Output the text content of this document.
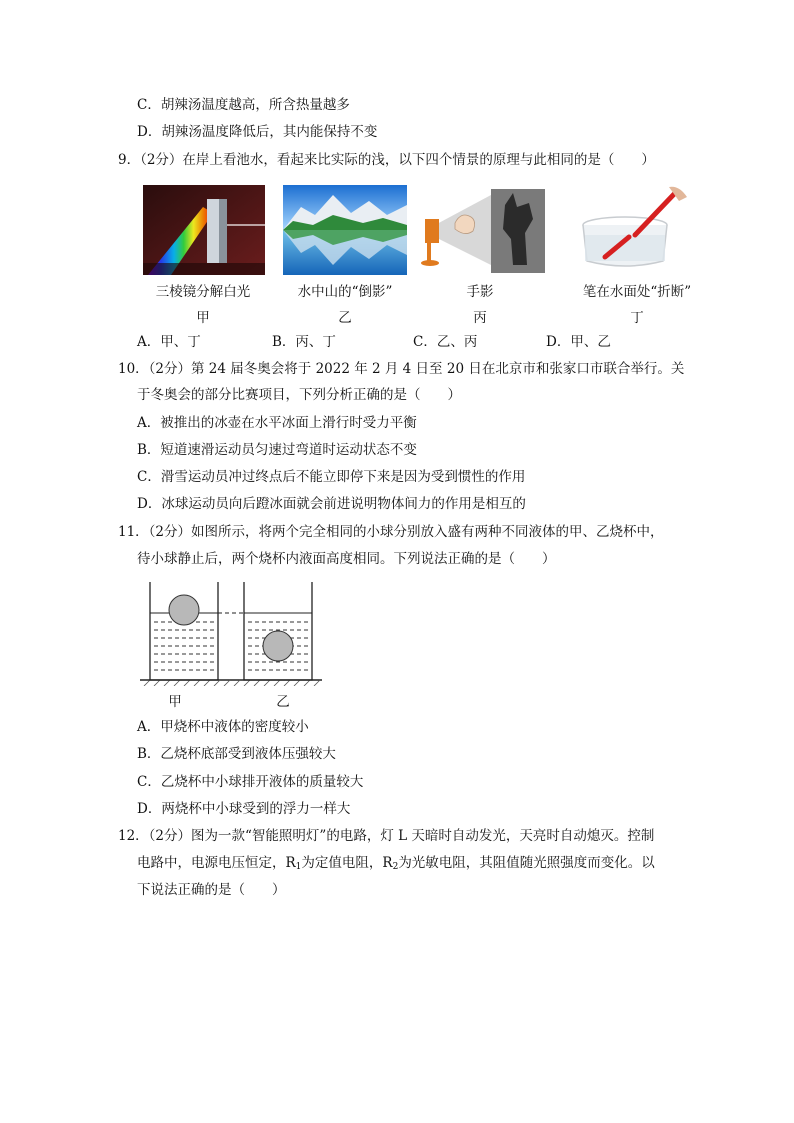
C．胡辣汤温度越高，所含热量越多
D．胡辣汤温度降低后，其内能保持不变
9．（2分）在岸上看池水，看起来比实际的浅，以下四个情景的原理与此相同的是（　　）
三棱镜分解白光	水中山的“倒影”	手影	笔在水面处“折断”
甲	乙	丙	丁
A．甲、丁	B．丙、丁	C．乙、丙	D．甲、乙
10．（2分）第 24 届冬奥会将于 2022 年 2 月 4 日至 20 日在北京市和张家口市联合举行。关
于冬奥会的部分比赛项目，下列分析正确的是（　　）
A．被推出的冰壶在水平冰面上滑行时受力平衡
B．短道速滑运动员匀速过弯道时运动状态不变
C．滑雪运动员冲过终点后不能立即停下来是因为受到惯性的作用
D．冰球运动员向后蹬冰面就会前进说明物体间力的作用是相互的
11．（2分）如图所示，将两个完全相同的小球分别放入盛有两种不同液体的甲、乙烧杯中，
待小球静止后，两个烧杯内液面高度相同。下列说法正确的是（　　）
甲	乙
A．甲烧杯中液体的密度较小
B．乙烧杯底部受到液体压强较大
C．乙烧杯中小球排开液体的质量较大
D．两烧杯中小球受到的浮力一样大
12．（2分）图为一款“智能照明灯”的电路，灯 L 天暗时自动发光，天亮时自动熄灭。控制
电路中，电源电压恒定，$R_1$为定值电阻，$R_2$为光敏电阻，其阻值随光照强度而变化。以
下说法正确的是（　　）
